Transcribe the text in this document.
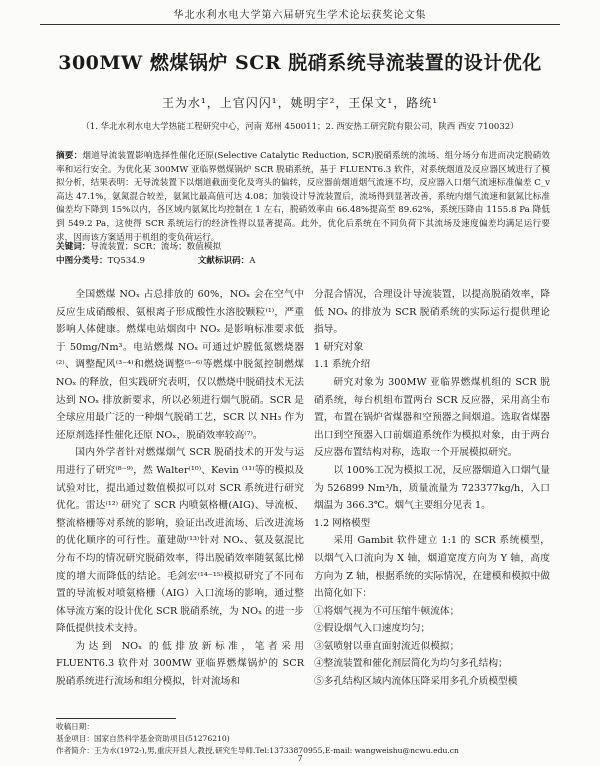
华北水利水电大学第六届研究生学术论坛获奖论文集
300MW 燃煤锅炉 SCR 脱硝系统导流装置的设计优化
王为水¹，上官闪闪¹，姚明宇²，王保文¹，路统¹
（1. 华北水利水电大学热能工程研究中心，河南 郑州 450011；2. 西安热工研究院有限公司，陕西 西安 710032）
摘要：烟道导流装置影响选择性催化还原(Selective Catalytic Reduction, SCR)脱硝系统的流场、组分场分布进而决定脱硝效率和运行安全。为优化某 300MW 亚临界燃煤锅炉 SCR 脱硝系统，基于 FLUENT6.3 软件，对系统烟道及反应器区域进行了模拟分析，结果表明：无导流装置下以烟道截面变化及弯头的偏转，反应器前烟道烟气流速不均，反应器入口烟气流速标准偏差 C_v高达 47.1%，氨氮混合较差，氨氮比最高值可达 4.08；加装设计导流装置后，流场得到显著改善，系统内烟气流速和氨氮比标准偏差均下降到 15%以内，各区域内氨氮比均控制在 1 左右，脱硝效率由 66.48%提高至 89.62%，系统压降由 1155.8 Pa 降低到 549.2 Pa，这使得 SCR 系统运行的经济性得以显著提高。此外，优化后系统在不同负荷下其流场及速度偏差均满足运行要求，因而该方案适用于机组的变负荷运行。
关键词：导流装置；SCR；流场；数值模拟
中图分类号：TQ534.9	文献标识码：A

全国燃煤 NOₓ 占总排放的 60%，NOₓ 会在空气中反应生成硝酸根、氨根离子形成酸性水溶胶颗粒⁽¹⁾，严重影响人体健康。燃煤电站烟囱中 NOₓ 是影响标准要求低于 50mg/Nm³。电站燃煤 NOₓ 可通过炉膛低氮燃烧器⁽²⁾、调整配风⁽³⁻⁴⁾和燃烧调整⁽⁵⁻⁶⁾等燃煤中脱氮控制燃煤 NOₓ 的释放，但实践研究表明，仅以燃烧中脱硝技术无法达到 NOₓ 排放新要求，所以必须进行烟气脱硝。SCR 是全球应用最广泛的一种烟气脱硝工艺，SCR 以 NH₃ 作为还原剂选择性催化还原 NOₓ，脱硝效率较高⁽⁷⁾。

国内外学者针对燃煤烟气 SCR 脱硝技术的开发与运用进行了研究⁽⁸⁻⁹⁾，然 Walter⁽¹⁰⁾、Kevin ⁽¹¹⁾等的模拟及试验对比，提出通过数值模拟可以对 SCR 系统进行研究优化。雷达⁽¹²⁾ 研究了 SCR 内喷氨格栅(AIG)、导流板、整流格栅等对系统的影响，验证出改进流场、后改进流场的优化顺序的可行性。董建勋⁽¹³⁾针对 NOₓ、氨及氨混比分布不均的情况研究脱硝效率，得出脱硝效率随氨氮比梯度的增大而降低的结论。毛剑宏⁽¹⁴⁻¹⁵⁾模拟研究了不同布置的导流板对喷氨格栅（AIG）入口流场的影响，通过整体导流方案的设计优化 SCR 脱硝系统，为 NOₓ 的进一步降低提供技术支持。

为达到 NOₓ 的低排放新标准，笔者采用 FLUENT6.3 软件对 300MW 亚临界燃煤锅炉的 SCR 脱硝系统进行流场和组分模拟，针对流场和

分混合情况，合理设计导流装置，以提高脱硝效率，降低 NOₓ 的排放为 SCR 脱硝系统的实际运行提供理论指导。

1 研究对象

1.1 系统介绍

研究对象为 300MW 亚临界燃煤机组的 SCR 脱硝系统，每台机组布置两台 SCR 反应器，采用高尘布置，布置在锅炉省煤器和空预器之间烟道。选取省煤器出口到空预器入口前烟道系统作为模拟对象，由于两台反应器布置结构对称，选取一个开展模拟研究。

以 100%工况为模拟工况，反应器烟道入口烟气量为 526899 Nm³/h，质量流量为 723377kg/h，入口烟温为 366.3℃。烟气主要组分见表 1。

1.2 网格模型

采用 Gambit 软件建立 1:1 的 SCR 系统模型，以烟气入口流向为 X 轴，烟道宽度方向为 Y 轴，高度方向为 Z 轴，根据系统的实际情况，在建模和模拟中做出简化如下：

①将烟气视为不可压缩牛顿流体；

②假设烟气入口速度均匀；

③氨喷射以垂直面射流近似模拟；

④整流装置和催化剂层简化为均匀多孔结构；

⑤多孔结构区域内流体压降采用多孔介质模型模

收稿日期：
基金项目：国家自然科学基金资助项目(51276210)
作者简介：王为水(1972-),男,重庆开县人,教授,研究生导师.Tel:13733870955,E-mail: wangweishu@ncwu.edu.cn
7
